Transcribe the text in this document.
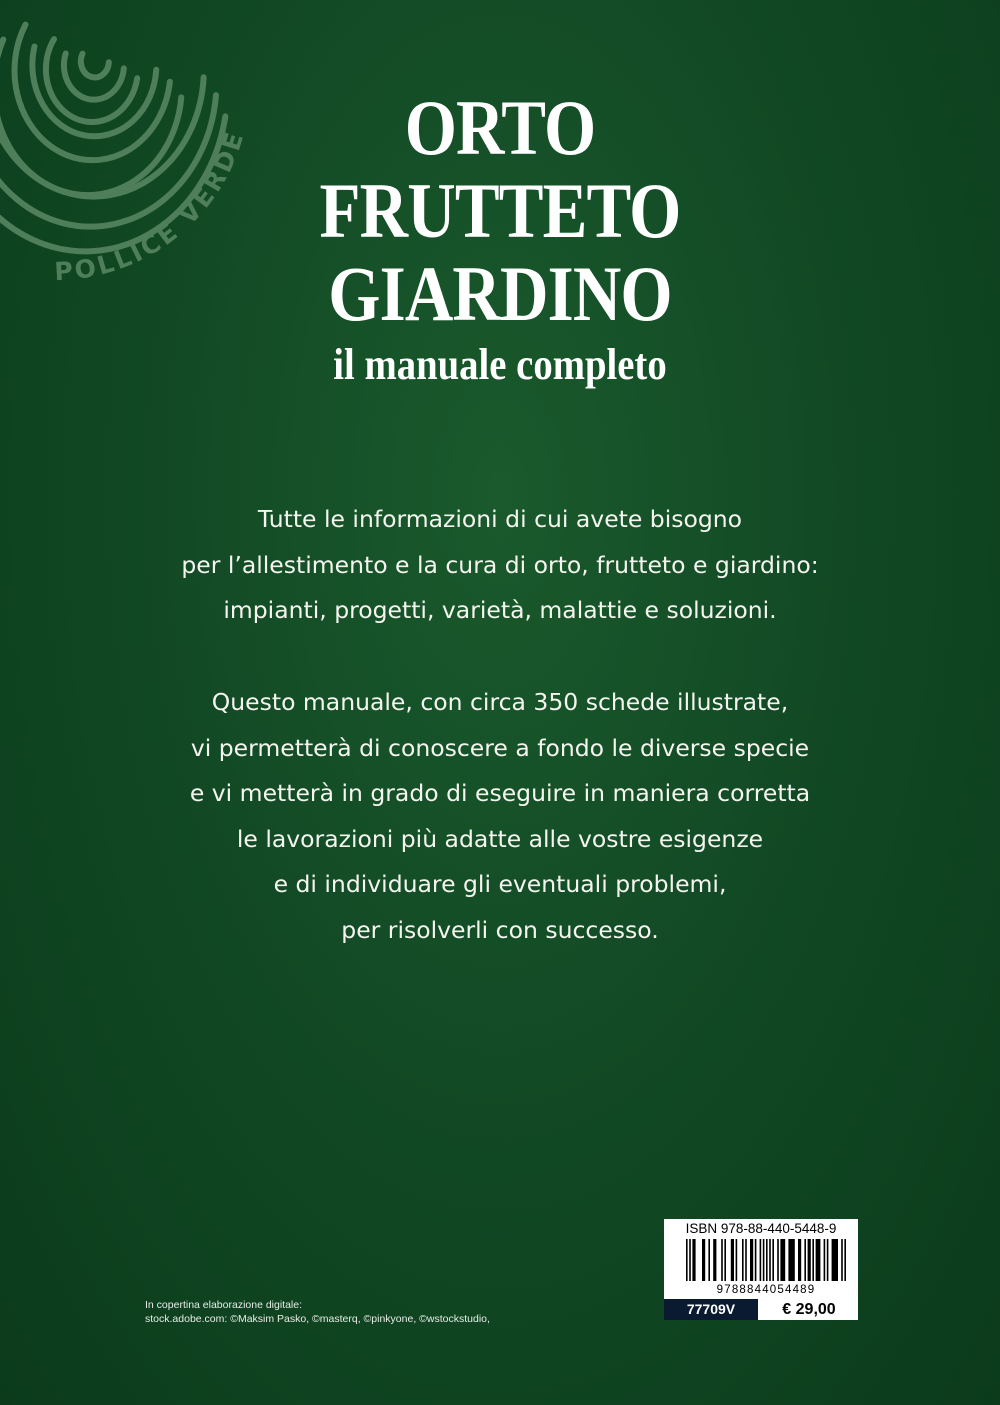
POLLICE VERDE	ORTO
FRUTTETO
GIARDINO
il manuale completo
Tutte le informazioni di cui avete bisogno
per l’allestimento e la cura di orto, frutteto e giardino:
impianti, progetti, varietà, malattie e soluzioni.
Questo manuale, con circa 350 schede illustrate,
vi permetterà di conoscere a fondo le diverse specie
e vi metterà in grado di eseguire in maniera corretta
le lavorazioni più adatte alle vostre esigenze
e di individuare gli eventuali problemi,
per risolverli con successo.
In copertina elaborazione digitale:
stock.adobe.com: ©Maksim Pasko, ©masterq, ©pinkyone, ©wstockstudio,
ISBN 978-88-440-5448-9
9788844054489
77709V	€ 29,00
